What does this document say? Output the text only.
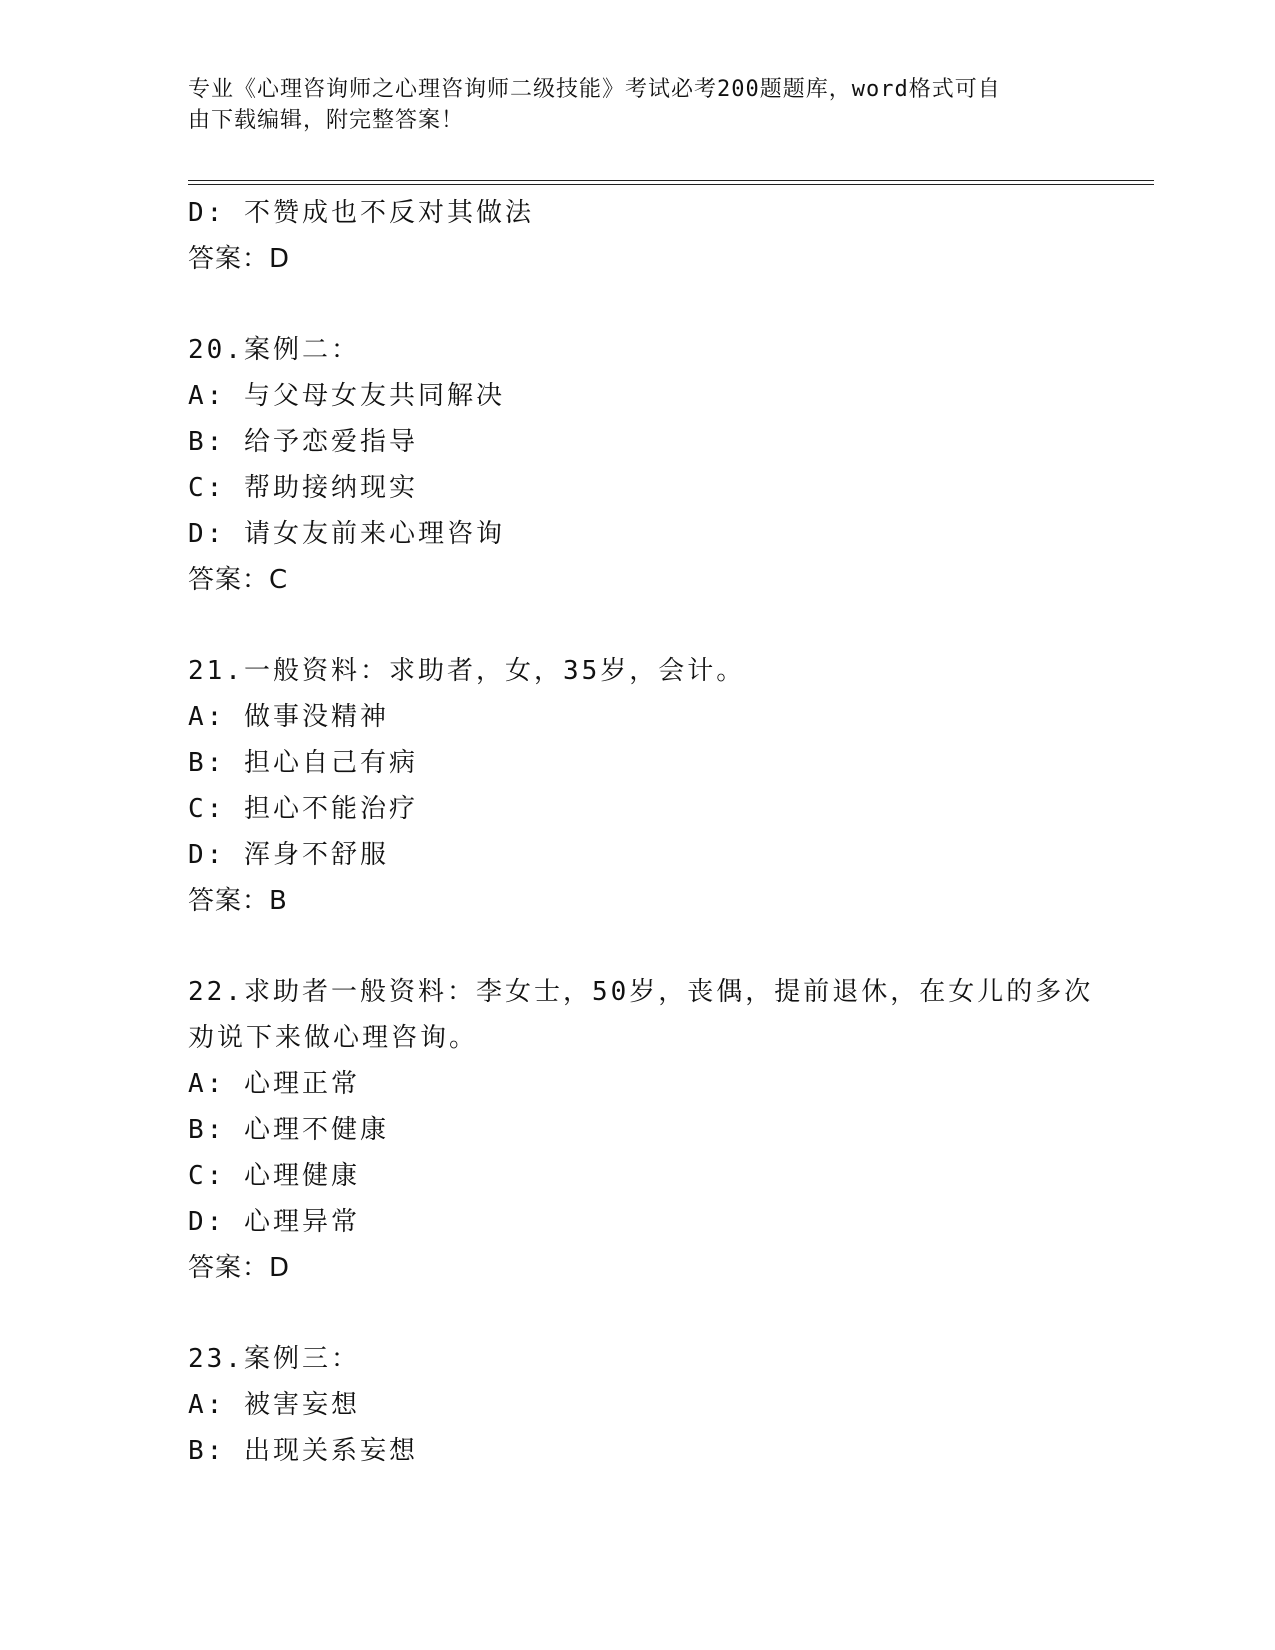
专业《心理咨询师之心理咨询师二级技能》考试必考200题题库，word格式可自
由下载编辑，附完整答案！
D: 不赞成也不反对其做法
答案：D
20.案例二：
A: 与父母女友共同解决
B: 给予恋爱指导
C: 帮助接纳现实
D: 请女友前来心理咨询
答案：C
21.一般资料：求助者，女，35岁，会计。
A: 做事没精神
B: 担心自己有病
C: 担心不能治疗
D: 浑身不舒服
答案：B
22.求助者一般资料：李女士，50岁，丧偶，提前退休，在女儿的多次
劝说下来做心理咨询。
A: 心理正常
B: 心理不健康
C: 心理健康
D: 心理异常
答案：D
23.案例三：
A: 被害妄想
B: 出现关系妄想
